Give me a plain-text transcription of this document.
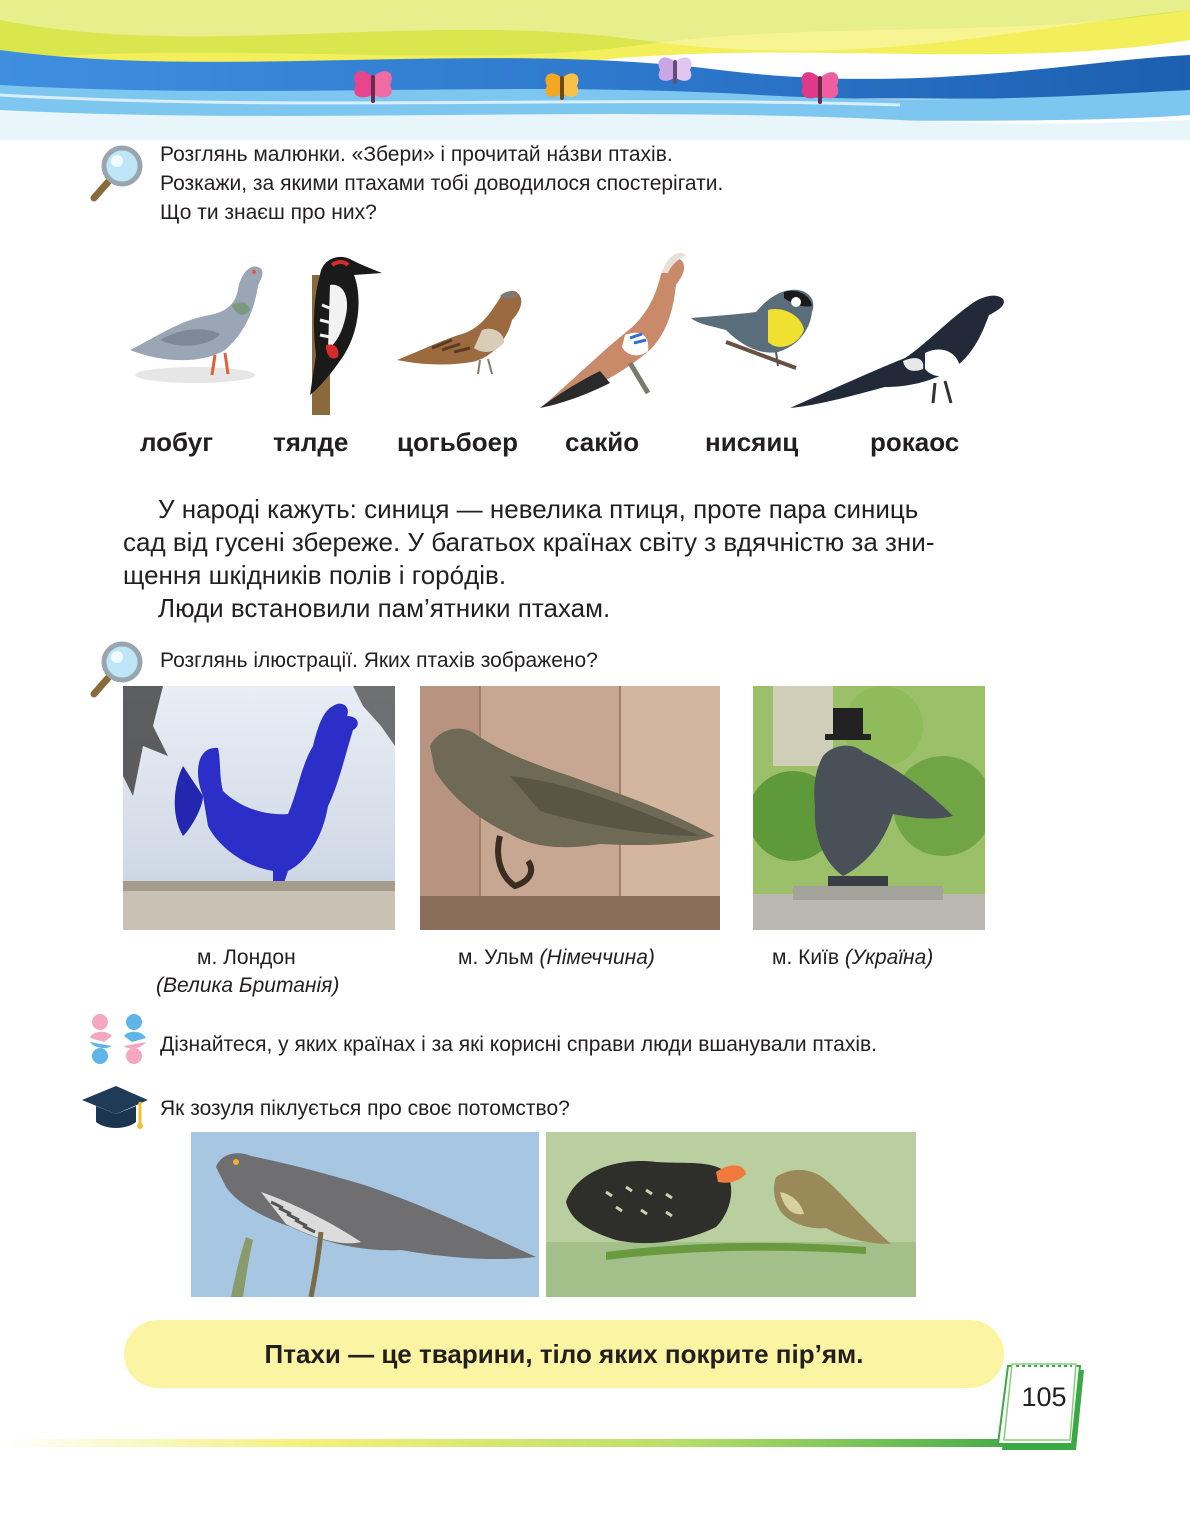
Розглянь малюнки. «Збери» і прочитай на́зви птахів.
Розкажи, за якими птахами тобі доводилося спостерігати.
Що ти знаєш про них?
лобуг тялде цогьбоер сакйо	нисяиц	рокаос
У народі кажуть: синиця — невелика птиця, проте пара синиць
сад від гусені збереже. У багатьох країнах світу з вдячністю за зни-
щення шкідників полів і горо́дів.
Люди встановили пам’ятники птахам.
Розглянь ілюстрації. Яких птахів зображено?
м. Лондон
(Велика Британія)
м. Ульм (Німеччина)	м. Київ (Україна)
Дізнайтеся, у яких країнах і за які корисні справи люди вшанували птахів.
Як зозуля піклується про своє потомство?
Птахи — це тварини, тіло яких покрите пір’ям.
105
